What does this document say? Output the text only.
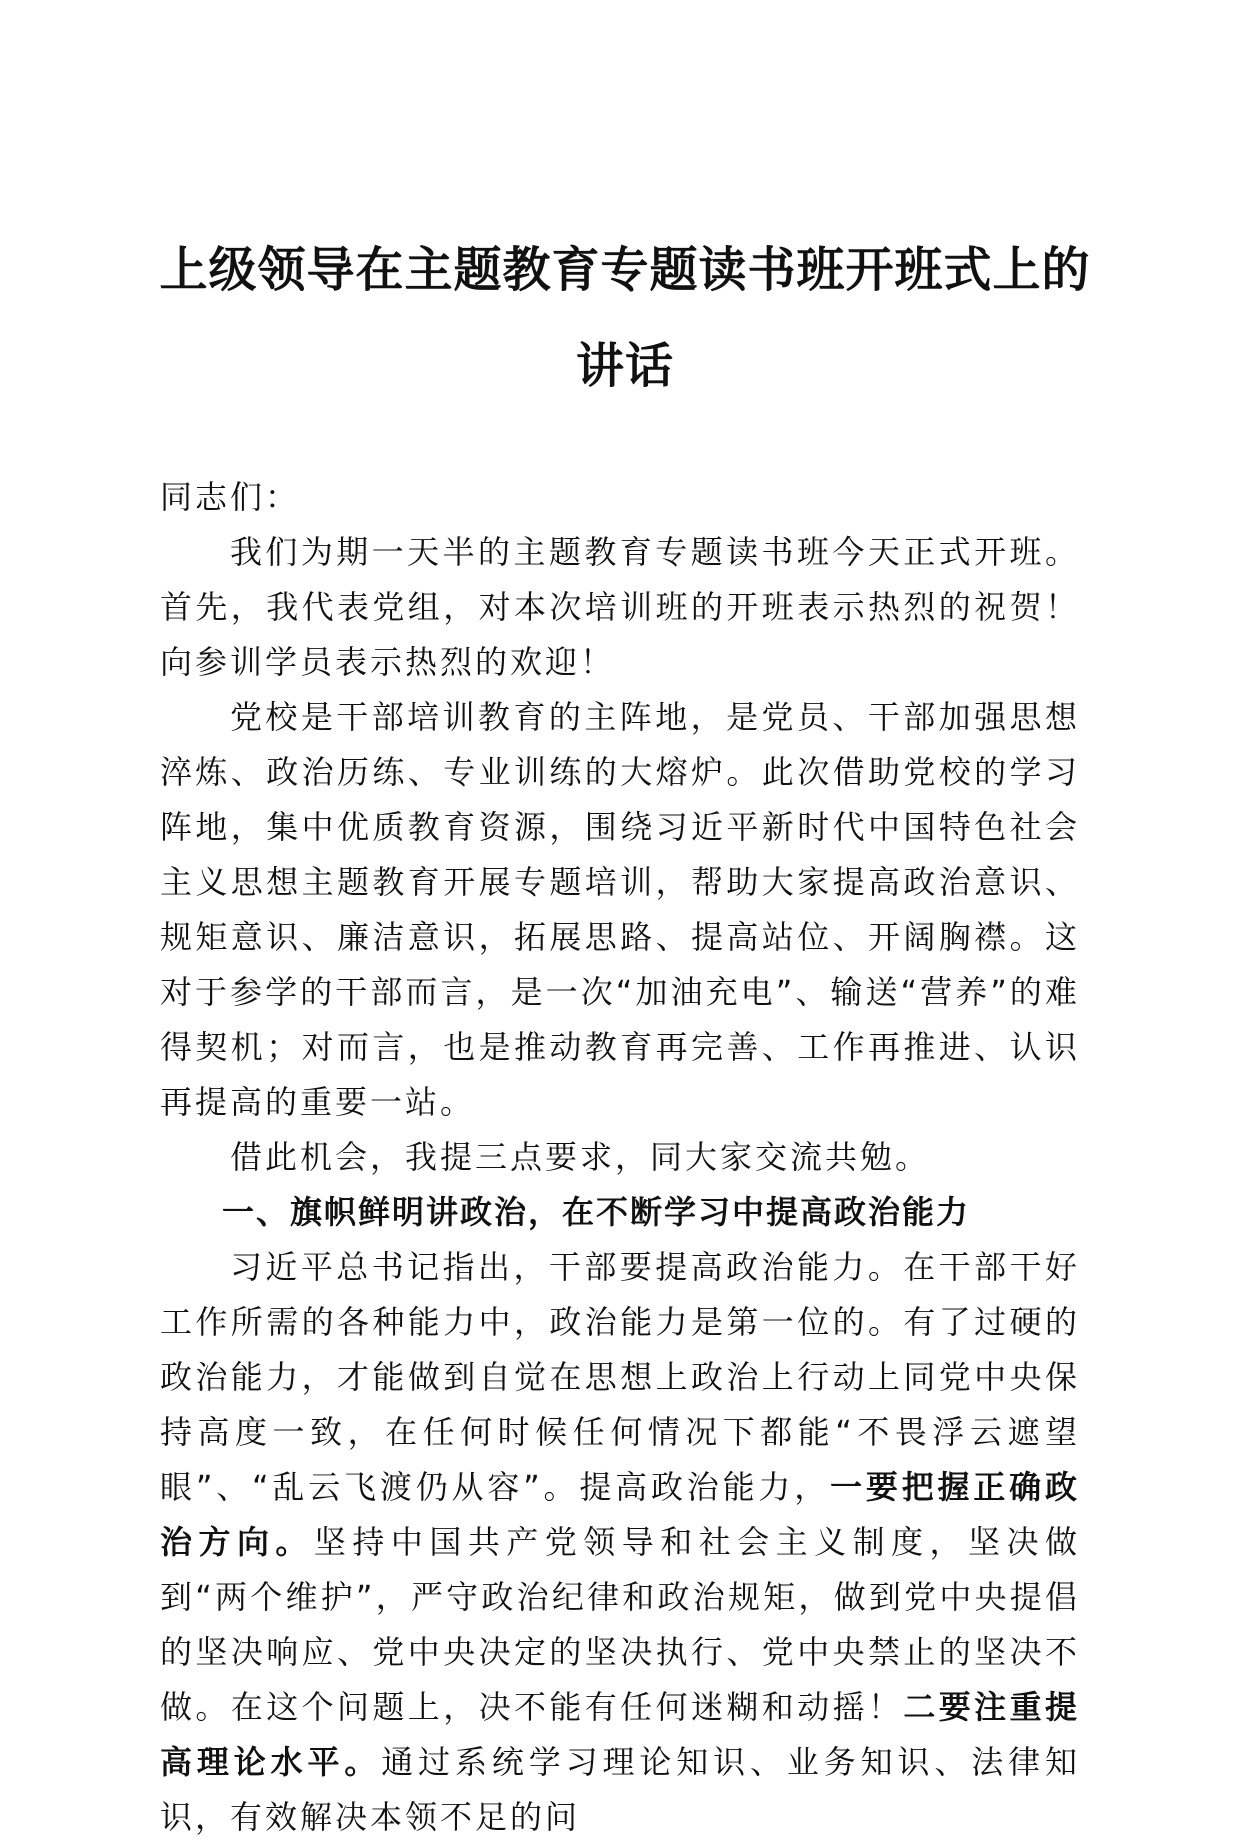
上级领导在主题教育专题读书班开班式上的讲话

同志们：

我们为期一天半的主题教育专题读书班今天正式开班。首先，我代表党组，对本次培训班的开班表示热烈的祝贺！向参训学员表示热烈的欢迎！

党校是干部培训教育的主阵地，是党员、干部加强思想淬炼、政治历练、专业训练的大熔炉。此次借助党校的学习阵地，集中优质教育资源，围绕习近平新时代中国特色社会主义思想主题教育开展专题培训，帮助大家提高政治意识、规矩意识、廉洁意识，拓展思路、提高站位、开阔胸襟。这对于参学的干部而言，是一次“加油充电”、输送“营养”的难得契机；对而言，也是推动教育再完善、工作再推进、认识再提高的重要一站。

借此机会，我提三点要求，同大家交流共勉。

一、旗帜鲜明讲政治，在不断学习中提高政治能力

习近平总书记指出，干部要提高政治能力。在干部干好工作所需的各种能力中，政治能力是第一位的。有了过硬的政治能力，才能做到自觉在思想上政治上行动上同党中央保持高度一致，在任何时候任何情况下都能“不畏浮云遮望眼”、“乱云飞渡仍从容”。提高政治能力，一要把握正确政治方向。坚持中国共产党领导和社会主义制度，坚决做到“两个维护”，严守政治纪律和政治规矩，做到党中央提倡的坚决响应、党中央决定的坚决执行、党中央禁止的坚决不做。在这个问题上，决不能有任何迷糊和动摇！二要注重提高理论水平。通过系统学习理论知识、业务知识、法律知识，有效解决本领不足的问
